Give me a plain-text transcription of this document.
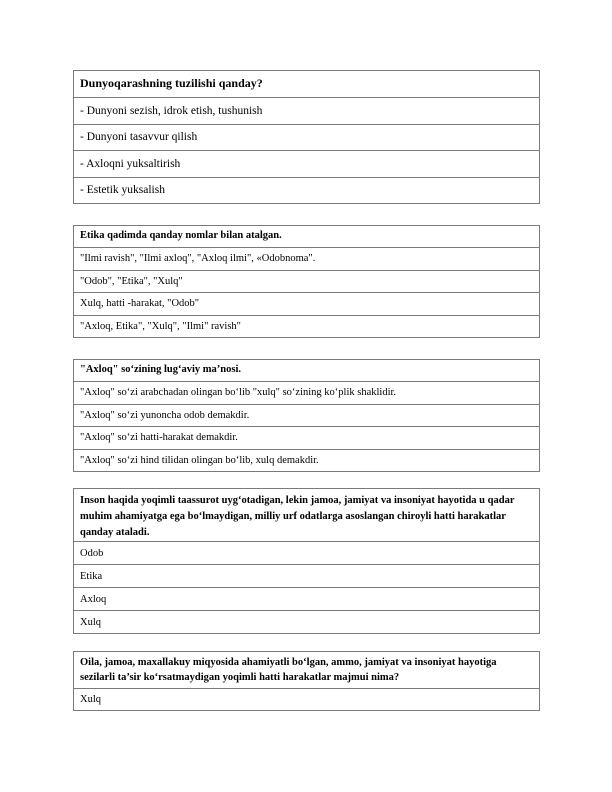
Dunyoqarashning tuzilishi qanday?
- Dunyoni sezish, idrok etish, tushunish
- Dunyoni tasavvur qilish
- Axloqni yuksaltirish
- Estetik yuksalish
Etika qadimda qanday nomlar bilan atalgan.
"Ilmi ravish", "Ilmi axloq", "Axloq ilmi", «Odobnoma".
"Odob", "Etika", "Xulq"
Xulq, hatti -harakat, "Odob"
"Axloq, Etika", "Xulq", "Ilmi" ravish"
"Axloq" so‘zining lug‘aviy ma’nosi.
"Axloq" so‘zi arabchadan olingan bo‘lib "xulq" so‘zining ko‘plik shaklidir.
"Axloq" so‘zi yunoncha odob demakdir.
"Axloq" so‘zi hatti-harakat demakdir.
"Axloq" so‘zi hind tilidan olingan bo‘lib, xulq demakdir.
Inson haqida yoqimli taassurot uyg‘otadigan, lekin jamoa, jamiyat va insoniyat hayotida u qadar muhim ahamiyatga ega bo‘lmaydigan, milliy urf odatlarga asoslangan chiroyli hatti harakatlar qanday ataladi.
Odob
Etika
Axloq
Xulq
Oila, jamoa, maxallakuy miqyosida ahamiyatli bo‘lgan, ammo, jamiyat va insoniyat hayotiga sezilarli ta’sir ko‘rsatmaydigan yoqimli hatti harakatlar majmui nima?
Xulq
